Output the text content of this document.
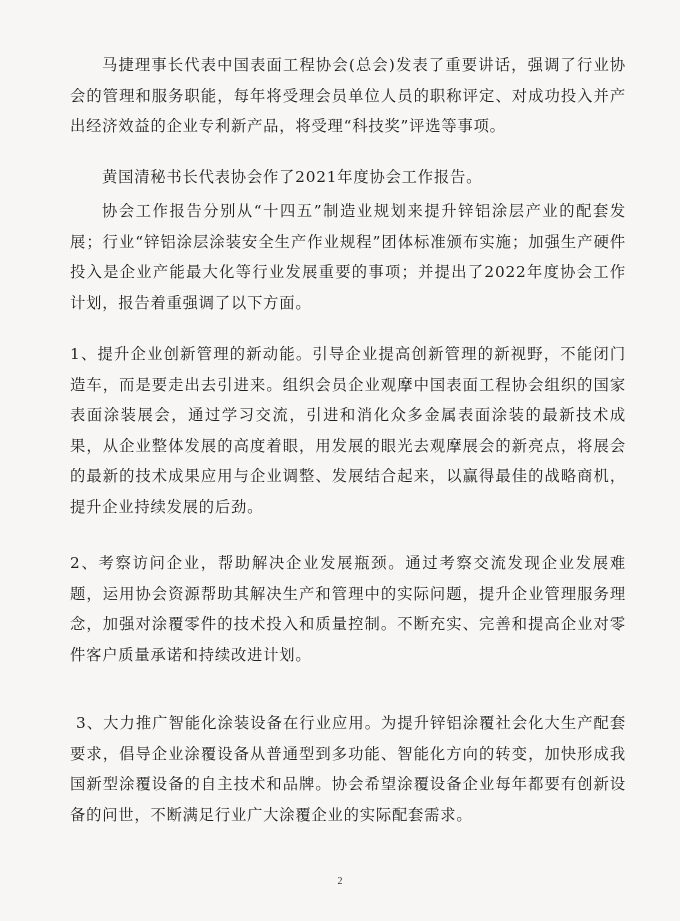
马捷理事长代表中国表面工程协会(总会)发表了重要讲话，强调了行业协会的管理和服务职能，每年将受理会员单位人员的职称评定、对成功投入并产出经济效益的企业专利新产品，将受理“科技奖”评选等事项。

黄国清秘书长代表协会作了2021年度协会工作报告。

协会工作报告分别从“十四五”制造业规划来提升锌铝涂层产业的配套发展；行业“锌铝涂层涂装安全生产作业规程”团体标准颁布实施；加强生产硬件投入是企业产能最大化等行业发展重要的事项；并提出了2022年度协会工作计划，报告着重强调了以下方面。

1、提升企业创新管理的新动能。引导企业提高创新管理的新视野，不能闭门造车，而是要走出去引进来。组织会员企业观摩中国表面工程协会组织的国家表面涂装展会，通过学习交流，引进和消化众多金属表面涂装的最新技术成果，从企业整体发展的高度着眼，用发展的眼光去观摩展会的新亮点，将展会的最新的技术成果应用与企业调整、发展结合起来，以赢得最佳的战略商机，提升企业持续发展的后劲。

2、考察访问企业，帮助解决企业发展瓶颈。通过考察交流发现企业发展难题，运用协会资源帮助其解决生产和管理中的实际问题，提升企业管理服务理念，加强对涂覆零件的技术投入和质量控制。不断充实、完善和提高企业对零件客户质量承诺和持续改进计划。

3、大力推广智能化涂装设备在行业应用。为提升锌铝涂覆社会化大生产配套要求，倡导企业涂覆设备从普通型到多功能、智能化方向的转变，加快形成我国新型涂覆设备的自主技术和品牌。协会希望涂覆设备企业每年都要有创新设备的问世，不断满足行业广大涂覆企业的实际配套需求。

2
